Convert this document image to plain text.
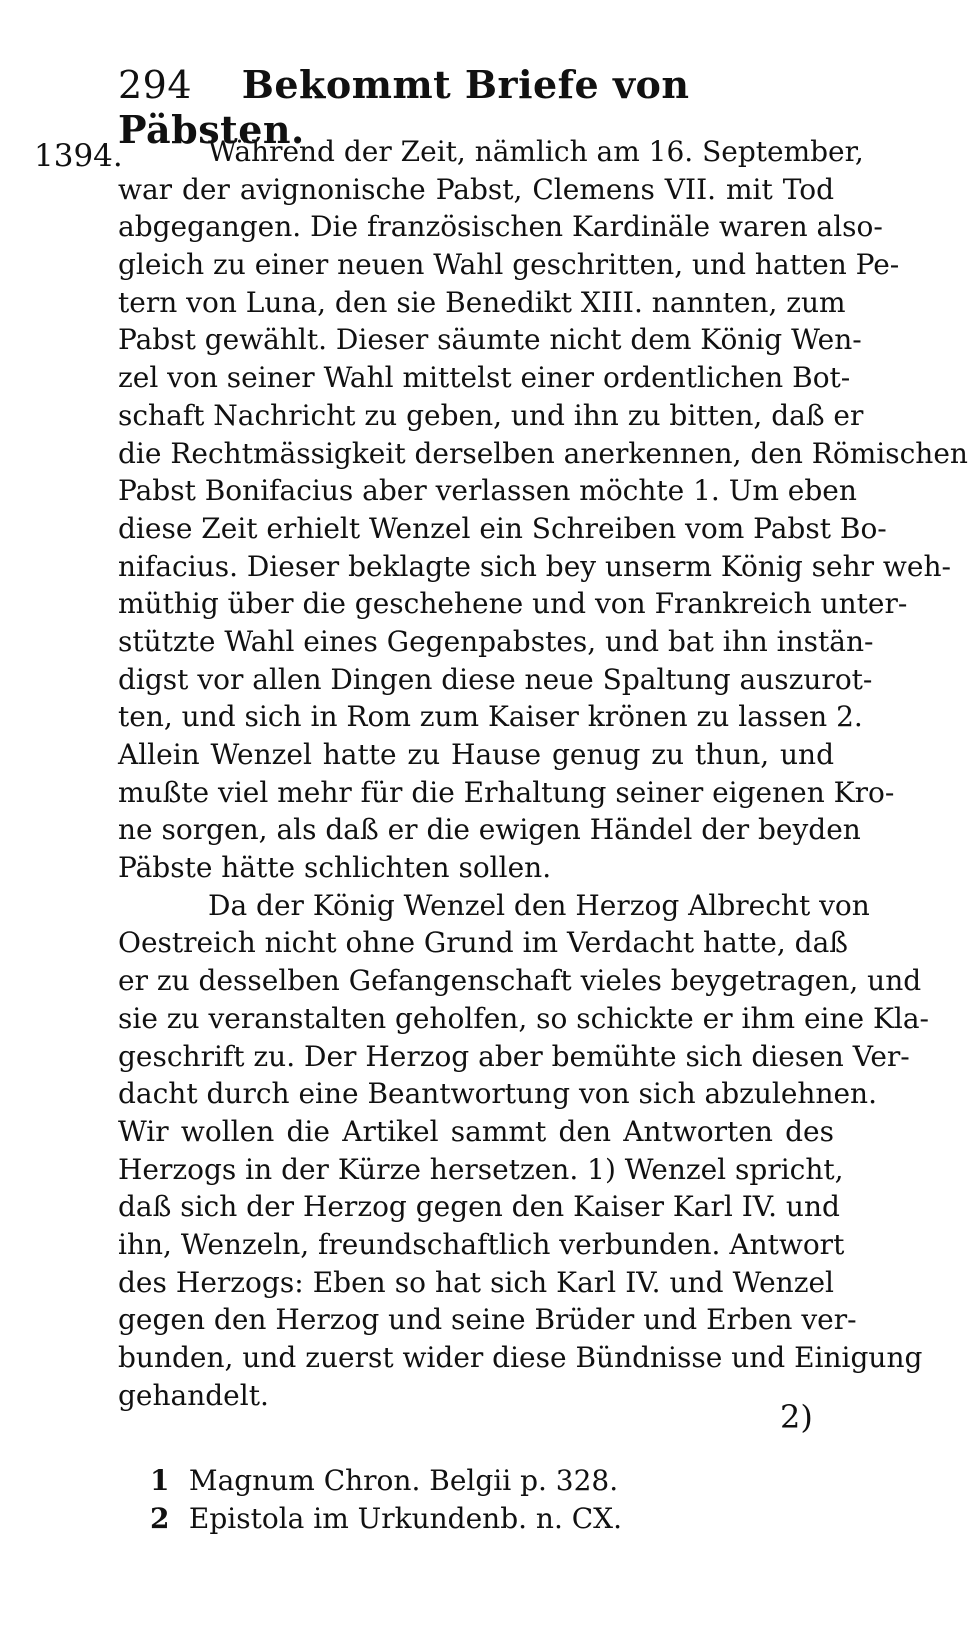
294 Bekommt Briefe von Päbsten.
1394.	Während der Zeit, nämlich am 16. September,
war der avignonische Pabst, Clemens VII. mit Tod
abgegangen. Die französischen Kardinäle waren also-
gleich zu einer neuen Wahl geschritten, und hatten Pe-
tern von Luna, den sie Benedikt XIII. nannten, zum
Pabst gewählt. Dieser säumte nicht dem König Wen-
zel von seiner Wahl mittelst einer ordentlichen Bot-
schaft Nachricht zu geben, und ihn zu bitten, daß er
die Rechtmässigkeit derselben anerkennen, den Römischen
Pabst Bonifacius aber verlassen möchte 1. Um eben
diese Zeit erhielt Wenzel ein Schreiben vom Pabst Bo-
nifacius. Dieser beklagte sich bey unserm König sehr weh-
müthig über die geschehene und von Frankreich unter-
stützte Wahl eines Gegenpabstes, und bat ihn instän-
digst vor allen Dingen diese neue Spaltung auszurot-
ten, und sich in Rom zum Kaiser krönen zu lassen 2.
Allein Wenzel hatte zu Hause genug zu thun, und
mußte viel mehr für die Erhaltung seiner eigenen Kro-
ne sorgen, als daß er die ewigen Händel der beyden
Päbste hätte schlichten sollen.
Da der König Wenzel den Herzog Albrecht von
Oestreich nicht ohne Grund im Verdacht hatte, daß
er zu desselben Gefangenschaft vieles beygetragen, und
sie zu veranstalten geholfen, so schickte er ihm eine Kla-
geschrift zu. Der Herzog aber bemühte sich diesen Ver-
dacht durch eine Beantwortung von sich abzulehnen.
Wir wollen die Artikel sammt den Antworten des
Herzogs in der Kürze hersetzen. 1) Wenzel spricht,
daß sich der Herzog gegen den Kaiser Karl IV. und
ihn, Wenzeln, freundschaftlich verbunden. Antwort
des Herzogs: Eben so hat sich Karl IV. und Wenzel
gegen den Herzog und seine Brüder und Erben ver-
bunden, und zuerst wider diese Bündnisse und Einigung
gehandelt.
2)
1 Magnum Chron. Belgii p. 328.
2 Epistola im Urkundenb. n. CX.
